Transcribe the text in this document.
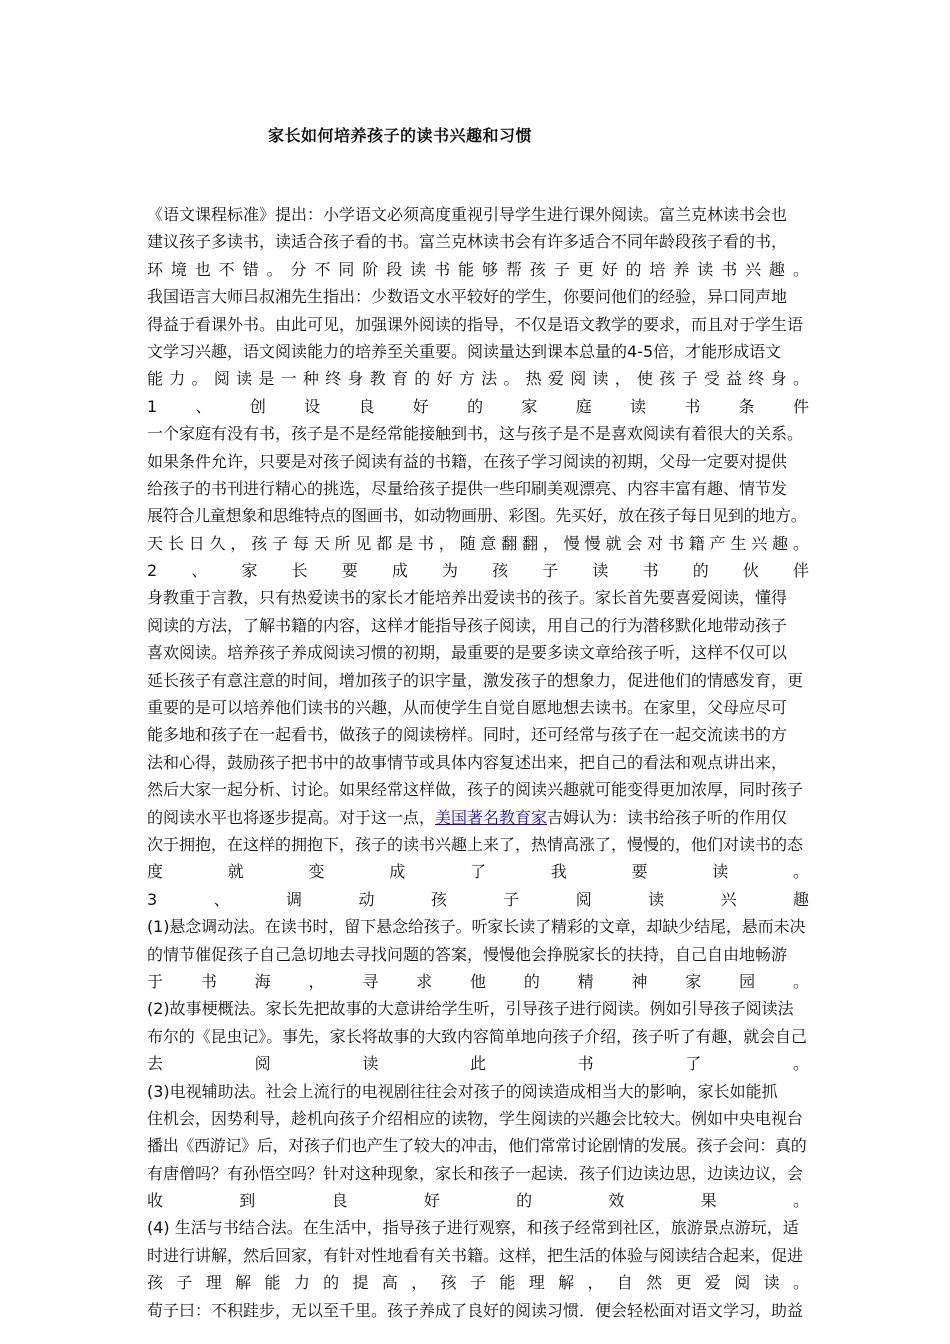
家长如何培养孩子的读书兴趣和习惯
《语文课程标准》提出：小学语文必须高度重视引导学生进行课外阅读。富兰克林读书会也
建议孩子多读书，读适合孩子看的书。富兰克林读书会有许多适合不同年龄段孩子看的书，
环境也不错。分不同阶段读书能够帮孩子更好的培养读书兴趣。
我国语言大师吕叔湘先生指出：少数语文水平较好的学生，你要问他们的经验，异口同声地
得益于看课外书。由此可见，加强课外阅读的指导，不仅是语文教学的要求，而且对于学生语
文学习兴趣，语文阅读能力的培养至关重要。阅读量达到课本总量的4-5倍，才能形成语文
能力。阅读是一种终身教育的好方法。热爱阅读，使孩子受益终身。
1、创设良好的家庭读书条件
一个家庭有没有书，孩子是不是经常能接触到书，这与孩子是不是喜欢阅读有着很大的关系。
如果条件允许，只要是对孩子阅读有益的书籍，在孩子学习阅读的初期，父母一定要对提供
给孩子的书刊进行精心的挑选，尽量给孩子提供一些印刷美观漂亮、内容丰富有趣、情节发
展符合儿童想象和思维特点的图画书，如动物画册、彩图。先买好，放在孩子每日见到的地方。
天长日久，孩子每天所见都是书，随意翻翻，慢慢就会对书籍产生兴趣。
2、家长要成为孩子读书的伙伴
身教重于言教，只有热爱读书的家长才能培养出爱读书的孩子。家长首先要喜爱阅读，懂得
阅读的方法，了解书籍的内容，这样才能指导孩子阅读，用自己的行为潜移默化地带动孩子
喜欢阅读。培养孩子养成阅读习惯的初期，最重要的是要多读文章给孩子听，这样不仅可以
延长孩子有意注意的时间，增加孩子的识字量，激发孩子的想象力，促进他们的情感发育，更
重要的是可以培养他们读书的兴趣，从而使学生自觉自愿地想去读书。在家里，父母应尽可
能多地和孩子在一起看书，做孩子的阅读榜样。同时，还可经常与孩子在一起交流读书的方
法和心得，鼓励孩子把书中的故事情节或具体内容复述出来，把自己的看法和观点讲出来，
然后大家一起分析、讨论。如果经常这样做，孩子的阅读兴趣就可能变得更加浓厚，同时孩子
的阅读水平也将逐步提高。对于这一点，美国著名教育家吉姆认为：读书给孩子听的作用仅
次于拥抱，在这样的拥抱下，孩子的读书兴趣上来了，热情高涨了，慢慢的，他们对读书的态
度就变成了我要读。
3、调动孩子阅读兴趣
(1)悬念调动法。在读书时，留下悬念给孩子。听家长读了精彩的文章，却缺少结尾，悬而未决
的情节催促孩子自己急切地去寻找问题的答案，慢慢他会挣脱家长的扶持，自己自由地畅游
于书海，寻求他的精神家园。
(2)故事梗概法。家长先把故事的大意讲给学生听，引导孩子进行阅读。例如引导孩子阅读法
布尔的《昆虫记》。事先，家长将故事的大致内容简单地向孩子介绍，孩子听了有趣，就会自己
去阅读此书了。
(3)电视辅助法。社会上流行的电视剧往往会对孩子的阅读造成相当大的影响，家长如能抓
住机会，因势利导，趁机向孩子介绍相应的读物，学生阅读的兴趣会比较大。例如中央电视台
播出《西游记》后，对孩子们也产生了较大的冲击，他们常常讨论剧情的发展。孩子会问：真的
有唐僧吗？有孙悟空吗？针对这种现象，家长和孩子一起读．孩子们边读边思，边读边议，会
收到良好的效果。
(4) 生活与书结合法。在生活中，指导孩子进行观察，和孩子经常到社区，旅游景点游玩，适
时进行讲解，然后回家，有针对性地看有关书籍。这样，把生活的体验与阅读结合起来，促进
孩子理解能力的提高，孩子能理解，自然更爱阅读。
荀子曰：不积跬步，无以至千里。孩子养成了良好的阅读习惯．便会轻松面对语文学习，助益
